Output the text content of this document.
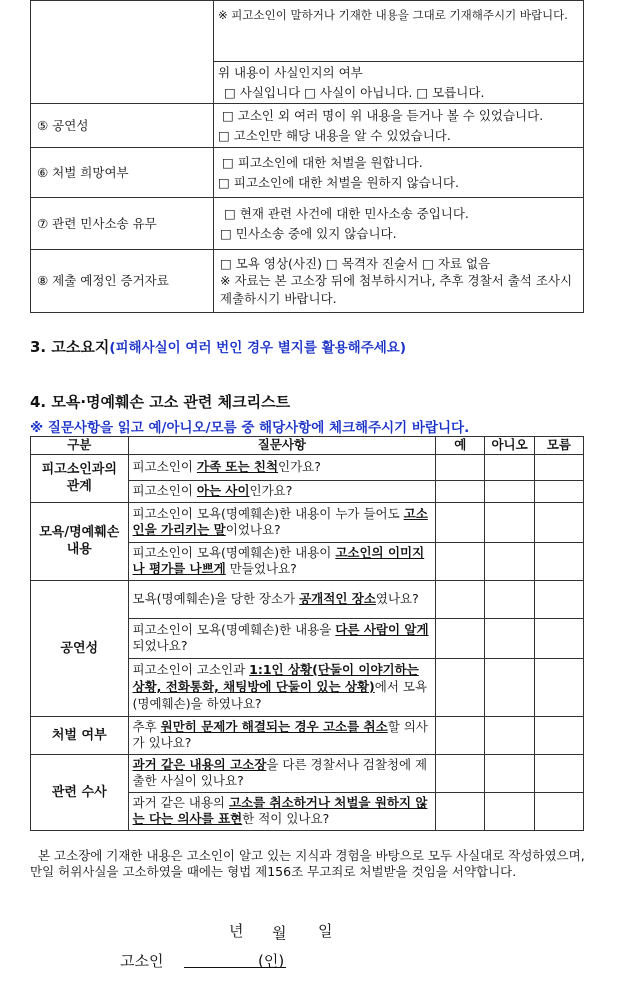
	※ 피고소인이 말하거나 기재한 내용을 그대로 기재해주시기 바랍니다.

	위 내용이 사실인지의 여부
□ 사실입니다 □ 사실이 아닙니다. □ 모릅니다.

⑤ 공연성	□ 고소인 외 여러 명이 위 내용을 듣거나 볼 수 있었습니다.
□ 고소인만 해당 내용을 알 수 있었습니다.

⑥ 처벌 희망여부	□ 피고소인에 대한 처벌을 원합니다.
□ 피고소인에 대한 처벌을 원하지 않습니다.

⑦ 관련 민사소송 유무	□ 현재 관련 사건에 대한 민사소송 중입니다.
□ 민사소송 중에 있지 않습니다.

⑧ 제출 예정인 증거자료	□ 모욕 영상(사진) □ 목격자 진술서 □ 자료 없음
※ 자료는 본 고소장 뒤에 첨부하시거나, 추후 경찰서 출석 조사시 제출하시기 바랍니다.
3. 고소요지(피해사실이 여러 번인 경우 별지를 활용해주세요)
4. 모욕·명예훼손 고소 관련 체크리스트
※ 질문사항을 읽고 예/아니오/모름 중 해당사항에 체크해주시기 바랍니다.
구분	질문사항	예	아니오	모름
피고소인과의
관계	피고소인이 가족 또는 친척인가요?			
	피고소인이 아는 사이인가요?			
모욕/명예훼손
내용	피고소인이 모욕(명예훼손)한 내용이 누가 들어도 고소인을 가리키는 말이었나요?			
	피고소인이 모욕(명예훼손)한 내용이 고소인의 이미지나 평가를 나쁘게 만들었나요?			
공연성	모욕(명예훼손)을 당한 장소가 공개적인 장소였나요?			
	피고소인이 모욕(명예훼손)한 내용을 다른 사람이 알게 되었나요?			
	피고소인이 고소인과 1:1인 상황(단둘이 이야기하는 상황, 전화통화, 채팅방에 단둘이 있는 상황)에서 모욕(명예훼손)을 하였나요?			
처벌 여부	추후 원만히 문제가 해결되는 경우 고소를 취소할 의사가 있나요?			
관련 수사	과거 같은 내용의 고소장을 다른 경찰서나 검찰청에 제출한 사실이 있나요?			
	과거 같은 내용의 고소를 취소하거나 처벌을 원하지 않는 다는 의사를 표현한 적이 있나요?			
본 고소장에 기재한 내용은 고소인이 알고 있는 지식과 경험을 바탕으로 모두 사실대로 작성하였으며, 만일 허위사실을 고소하였을 때에는 형법 제156조 무고죄로 처벌받을 것임을 서약합니다.
년 월 일
고소인	(인)
